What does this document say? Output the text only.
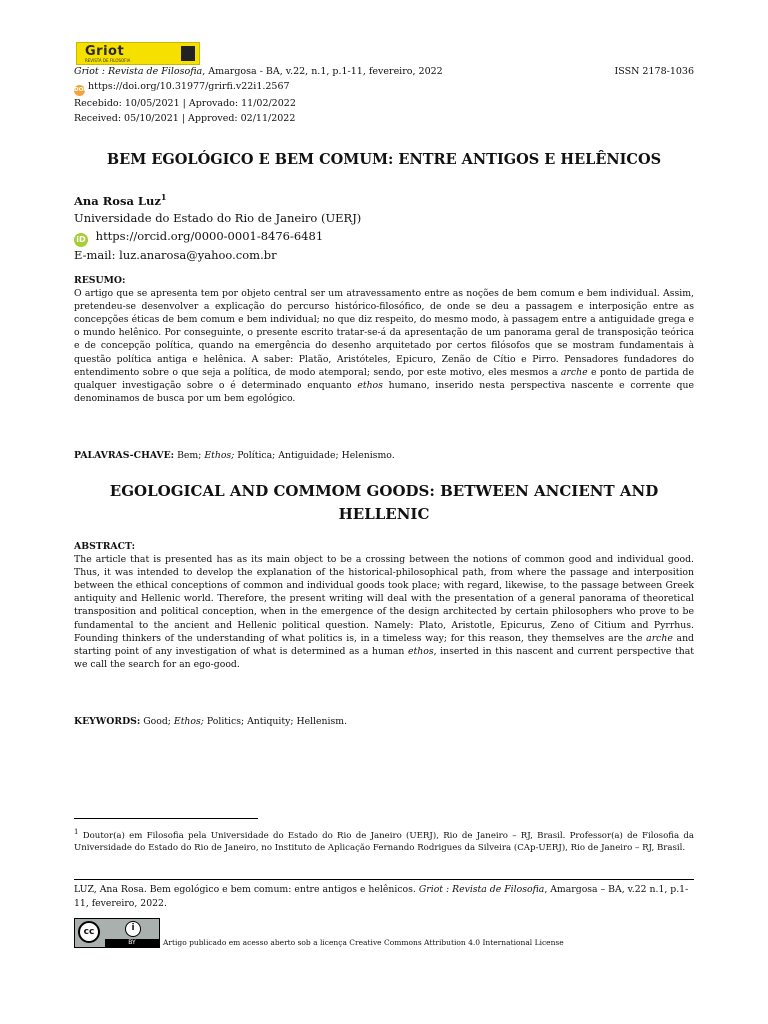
Griot
REVISTA DE FILOSOFIA
Griot : Revista de Filosofia, Amargosa - BA, v.22, n.1, p.1-11, fevereiro, 2022	ISSN 2178-1036
DOI https://doi.org/10.31977/grirfi.v22i1.2567
Recebido: 10/05/2021 | Aprovado: 11/02/2022
Received: 05/10/2021 | Approved: 02/11/2022
BEM EGOLÓGICO E BEM COMUM: ENTRE ANTIGOS E HELÊNICOS
Ana Rosa Luz$^1$
Universidade do Estado do Rio de Janeiro (UERJ)
iD https://orcid.org/0000-0001-8476-6481
E-mail: luz.anarosa@yahoo.com.br
RESUMO:
O artigo que se apresenta tem por objeto central ser um atravessamento entre as noções de bem comum e bem individual. Assim, pretendeu-se desenvolver a explicação do percurso histórico-filosófico, de onde se deu a passagem e interposição entre as concepções éticas de bem comum e bem individual; no que diz respeito, do mesmo modo, à passagem entre a antiguidade grega e o mundo helênico. Por conseguinte, o presente escrito tratar-se-á da apresentação de um panorama geral de transposição teórica e de concepção política, quando na emergência do desenho arquitetado por certos filósofos que se mostram fundamentais à questão política antiga e helênica. A saber: Platão, Aristóteles, Epicuro, Zenão de Cítio e Pirro. Pensadores fundadores do entendimento sobre o que seja a política, de modo atemporal; sendo, por este motivo, eles mesmos a arche e ponto de partida de qualquer investigação sobre o é determinado enquanto ethos humano, inserido nesta perspectiva nascente e corrente que denominamos de busca por um bem egológico.
PALAVRAS-CHAVE: Bem; Ethos; Política; Antiguidade; Helenismo.
EGOLOGICAL AND COMMOM GOODS: BETWEEN ANCIENT AND
HELLENIC
ABSTRACT:
The article that is presented has as its main object to be a crossing between the notions of common good and individual good. Thus, it was intended to develop the explanation of the historical-philosophical path, from where the passage and interposition between the ethical conceptions of common and individual goods took place; with regard, likewise, to the passage between Greek antiquity and Hellenic world. Therefore, the present writing will deal with the presentation of a general panorama of theoretical transposition and political conception, when in the emergence of the design architected by certain philosophers who prove to be fundamental to the ancient and Hellenic political question. Namely: Plato, Aristotle, Epicurus, Zeno of Citium and Pyrrhus. Founding thinkers of the understanding of what politics is, in a timeless way; for this reason, they themselves are the arche and starting point of any investigation of what is determined as a human ethos, inserted in this nascent and current perspective that we call the search for an ego-good.
KEYWORDS: Good; Ethos; Politics; Antiquity; Hellenism.
$^1$ Doutor(a) em Filosofia pela Universidade do Estado do Rio de Janeiro (UERJ), Rio de Janeiro – RJ, Brasil. Professor(a) de Filosofia da Universidade do Estado do Rio de Janeiro, no Instituto de Aplicação Fernando Rodrigues da Silveira (CAp-UERJ), Rio de Janeiro – RJ, Brasil.
LUZ, Ana Rosa. Bem egológico e bem comum: entre antigos e helênicos. Griot : Revista de Filosofia, Amargosa – BA, v.22 n.1, p.1-11, fevereiro, 2022.
cc	i
BY	Artigo publicado em acesso aberto sob a licença Creative Commons Attribution 4.0 International License
